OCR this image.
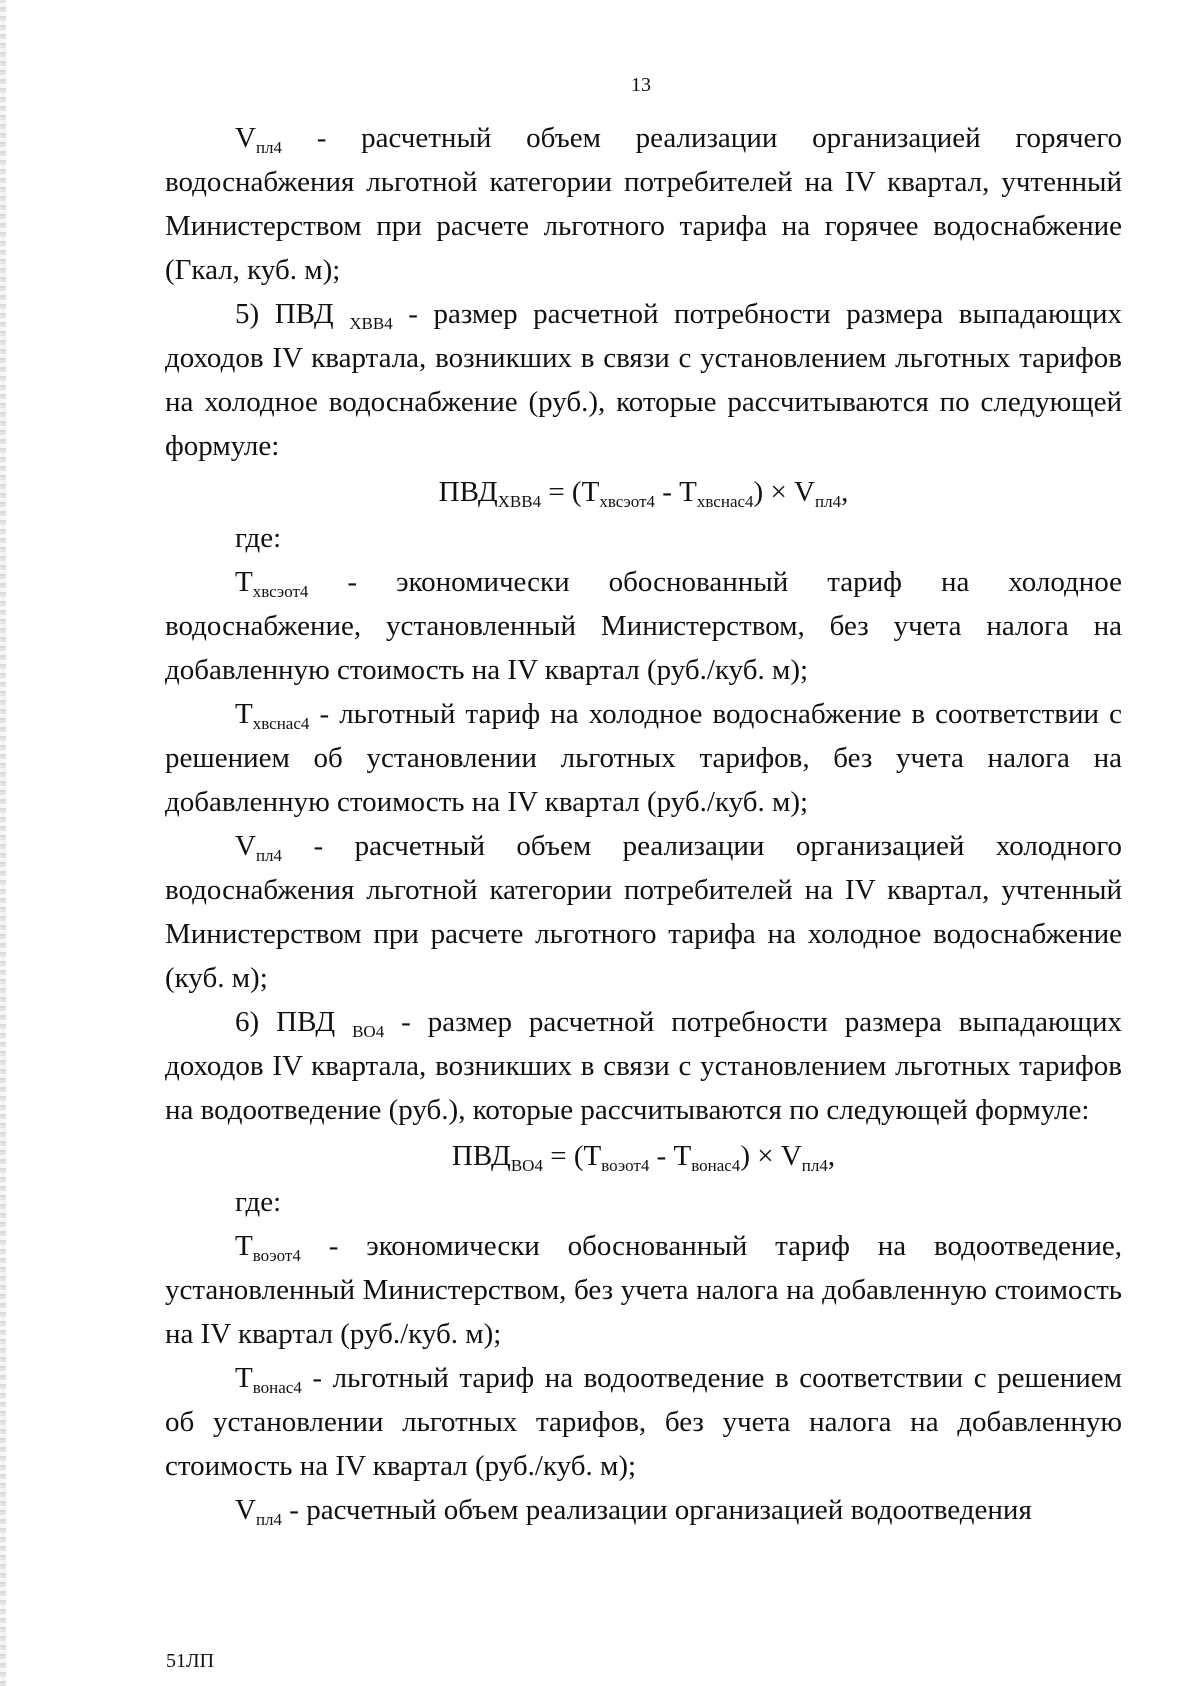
13

$V_{пл4}$ - расчетный объем реализации организацией горячего водоснабжения льготной категории потребителей на IV квартал, учтенный Министерством при расчете льготного тарифа на горячее водоснабжение (Гкал, куб. м);

5) ПВД $_{ХВВ4}$ - размер расчетной потребности размера выпадающих доходов IV квартала, возникших в связи с установлением льготных тарифов на холодное водоснабжение (руб.), которые рассчитываются по следующей формуле:

$ПВД_{ХВВ4} = (Т_{хвсэот4} - Т_{хвснас4}) \times V_{пл4}$,

где:

$Т_{хвсэот4}$ - экономически обоснованный тариф на холодное водоснабжение, установленный Министерством, без учета налога на добавленную стоимость на IV квартал (руб./куб. м);

$Т_{хвснас4}$ - льготный тариф на холодное водоснабжение в соответствии с решением об установлении льготных тарифов, без учета налога на добавленную стоимость на IV квартал (руб./куб. м);

$V_{пл4}$ - расчетный объем реализации организацией холодного водоснабжения льготной категории потребителей на IV квартал, учтенный Министерством при расчете льготного тарифа на холодное водоснабжение (куб. м);

6) ПВД $_{ВО4}$ - размер расчетной потребности размера выпадающих доходов IV квартала, возникших в связи с установлением льготных тарифов на водоотведение (руб.), которые рассчитываются по следующей формуле:

$ПВД_{ВО4} = (Т_{воэот4} - Т_{вонас4}) \times V_{пл4}$,

где:

$Т_{воэот4}$ - экономически обоснованный тариф на водоотведение, установленный Министерством, без учета налога на добавленную стоимость на IV квартал (руб./куб. м);

$Т_{вонас4}$ - льготный тариф на водоотведение в соответствии с решением об установлении льготных тарифов, без учета налога на добавленную стоимость на IV квартал (руб./куб. м);

$V_{пл4}$ - расчетный объем реализации организацией водоотведения

51ЛП
